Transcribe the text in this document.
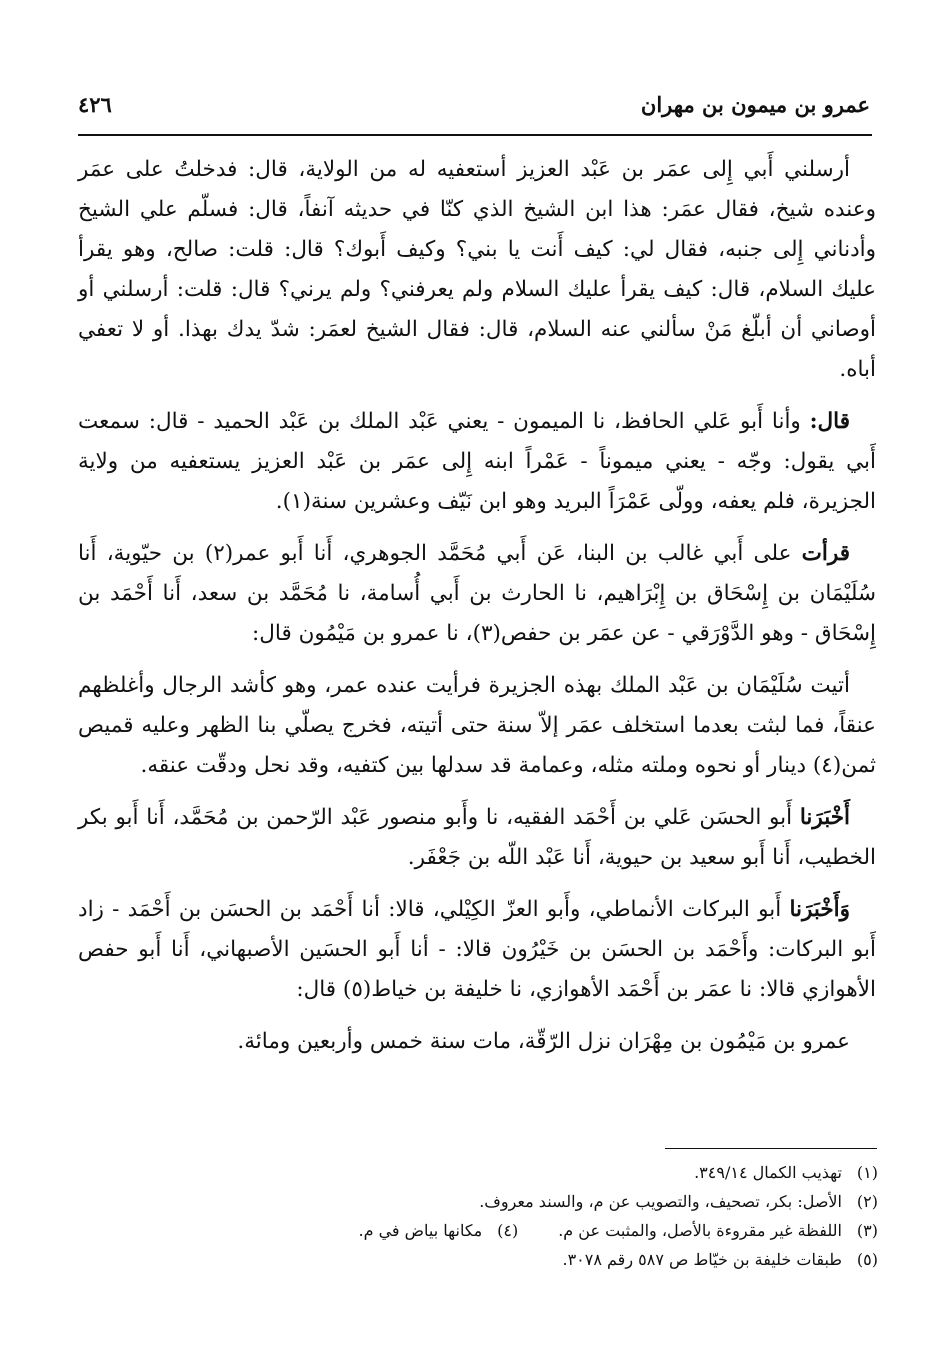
عمرو بن ميمون بن مهران
٤٢٦

أرسلني أَبي إِلى عمَر بن عَبْد العزيز أستعفيه له من الولاية، قال: فدخلتُ على عمَر وعنده شيخ، فقال عمَر: هذا ابن الشيخ الذي كنّا في حديثه آنفاً، قال: فسلّم علي الشيخ وأدناني إِلى جنبه، فقال لي: كيف أَنت يا بني؟ وكيف أَبوك؟ قال: قلت: صالح، وهو يقرأ عليك السلام، قال: كيف يقرأ عليك السلام ولم يعرفني؟ ولم يرني؟ قال: قلت: أرسلني أو أوصاني أن أبلّغ مَنْ سألني عنه السلام، قال: فقال الشيخ لعمَر: شدّ يدك بهذا. أو لا تعفي أباه.

قال: وأنا أَبو عَلي الحافظ، نا الميمون - يعني عَبْد الملك بن عَبْد الحميد - قال: سمعت أَبي يقول: وجّه - يعني ميموناً - عَمْراً ابنه إِلى عمَر بن عَبْد العزيز يستعفيه من ولاية الجزيرة، فلم يعفه، وولّى عَمْرَاً البريد وهو ابن نَيّف وعشرين سنة(١).

قرأت على أَبي غالب بن البنا، عَن أَبي مُحَمَّد الجوهري، أَنا أَبو عمر(٢) بن حيّوية، أَنا سُلَيْمَان بن إِسْحَاق بن إِبْرَاهيم، نا الحارث بن أَبي أُسامة، نا مُحَمَّد بن سعد، أَنا أَحْمَد بن إِسْحَاق - وهو الدَّوْرَقي - عن عمَر بن حفص(٣)، نا عمرو بن مَيْمُون قال:

أتيت سُلَيْمَان بن عَبْد الملك بهذه الجزيرة فرأيت عنده عمر، وهو كأشد الرجال وأغلظهم عنقاً، فما لبثت بعدما استخلف عمَر إلاّ سنة حتى أتيته، فخرج يصلّي بنا الظهر وعليه قميص ثمن(٤) دينار أو نحوه وملته مثله، وعمامة قد سدلها بين كتفيه، وقد نحل ودقّت عنقه.

أَخْبَرَنا أَبو الحسَن عَلي بن أَحْمَد الفقيه، نا وأَبو منصور عَبْد الرّحمن بن مُحَمَّد، أَنا أَبو بكر الخطيب، أَنا أَبو سعيد بن حيوية، أَنا عَبْد اللّه بن جَعْفَر.

وَأَخْبَرَنا أَبو البركات الأنماطي، وأَبو العزّ الكِيْلي، قالا: أنا أَحْمَد بن الحسَن بن أَحْمَد - زاد أَبو البركات: وأَحْمَد بن الحسَن بن خَيْرُون قالا: - أنا أَبو الحسَين الأصبهاني، أَنا أَبو حفص الأهوازي قالا: نا عمَر بن أَحْمَد الأهوازي، نا خليفة بن خياط(٥) قال:

عمرو بن مَيْمُون بن مِهْرَان نزل الرّقّة، مات سنة خمس وأربعين ومائة.

(١)
تهذيب الكمال ٣٤٩/١٤.
(٢)
الأصل: بكر، تصحيف، والتصويب عن م، والسند معروف.
(٣)
اللفظة غير مقروءة بالأصل، والمثبت عن م.
(٤)
مكانها بياض في م.
(٥)
طبقات خليفة بن خيّاط ص ٥٨٧ رقم ٣٠٧٨.
